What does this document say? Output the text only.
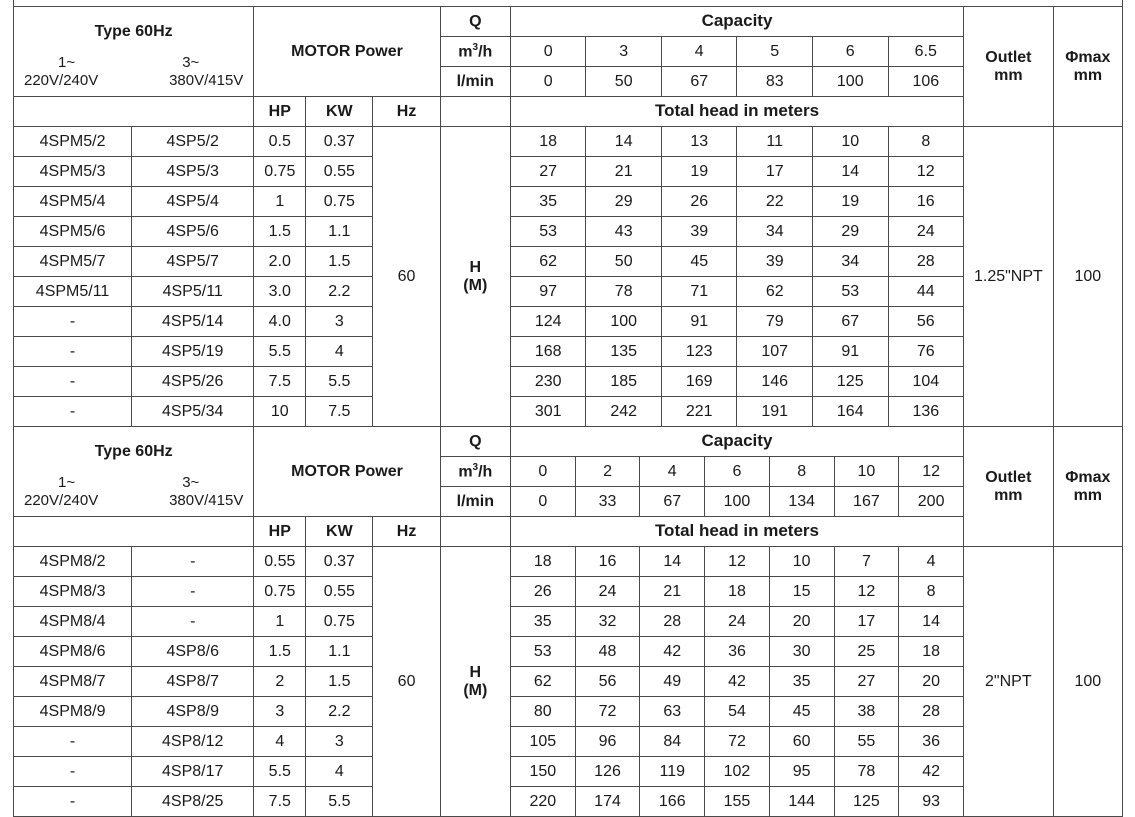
Type 60Hz
1~ 3~
220V/240V 380V/415V		MOTOR Power			Q	Capacity						Outlet mm	Φmax mm
					$m^3/h$	0	3	4	5	6	6.5		
					l/min	0	50	67	83	100	106		
		HP	KW	Hz		Total head in meters							
4SPM5/2	4SP5/2	0.5	0.37	60	H (M)	18	14	13	11	10	8	1.25"NPT	100
4SPM5/3	4SP5/3	0.75	0.55			27	21	19	17	14	12		
4SPM5/4	4SP5/4	1	0.75			35	29	26	22	19	16		
4SPM5/6	4SP5/6	1.5	1.1			53	43	39	34	29	24		
4SPM5/7	4SP5/7	2.0	1.5			62	50	45	39	34	28		
4SPM5/11	4SP5/11	3.0	2.2			97	78	71	62	53	44		
-	4SP5/14	4.0	3			124	100	91	79	67	56		
-	4SP5/19	5.5	4			168	135	123	107	91	76		
-	4SP5/26	7.5	5.5			230	185	169	146	125	104		
-	4SP5/34	10	7.5			301	242	221	191	164	136		
Type 60Hz
1~ 3~
220V/240V 380V/415V		MOTOR Power			Q	Capacity							Outlet mm	Φmax mm
					$m^3/h$	0	2	4	6	8	10	12		
					l/min	0	33	67	100	134	167	200		
		HP	KW	Hz		Total head in meters								
4SPM8/2	-	0.55	0.37	60	H (M)	18	16	14	12	10	7	4	2"NPT	100
4SPM8/3	-	0.75	0.55			26	24	21	18	15	12	8		
4SPM8/4	-	1	0.75			35	32	28	24	20	17	14		
4SPM8/6	4SP8/6	1.5	1.1			53	48	42	36	30	25	18		
4SPM8/7	4SP8/7	2	1.5			62	56	49	42	35	27	20		
4SPM8/9	4SP8/9	3	2.2			80	72	63	54	45	38	28		
-	4SP8/12	4	3			105	96	84	72	60	55	36		
-	4SP8/17	5.5	4			150	126	119	102	95	78	42		
-	4SP8/25	7.5	5.5			220	174	166	155	144	125	93		
